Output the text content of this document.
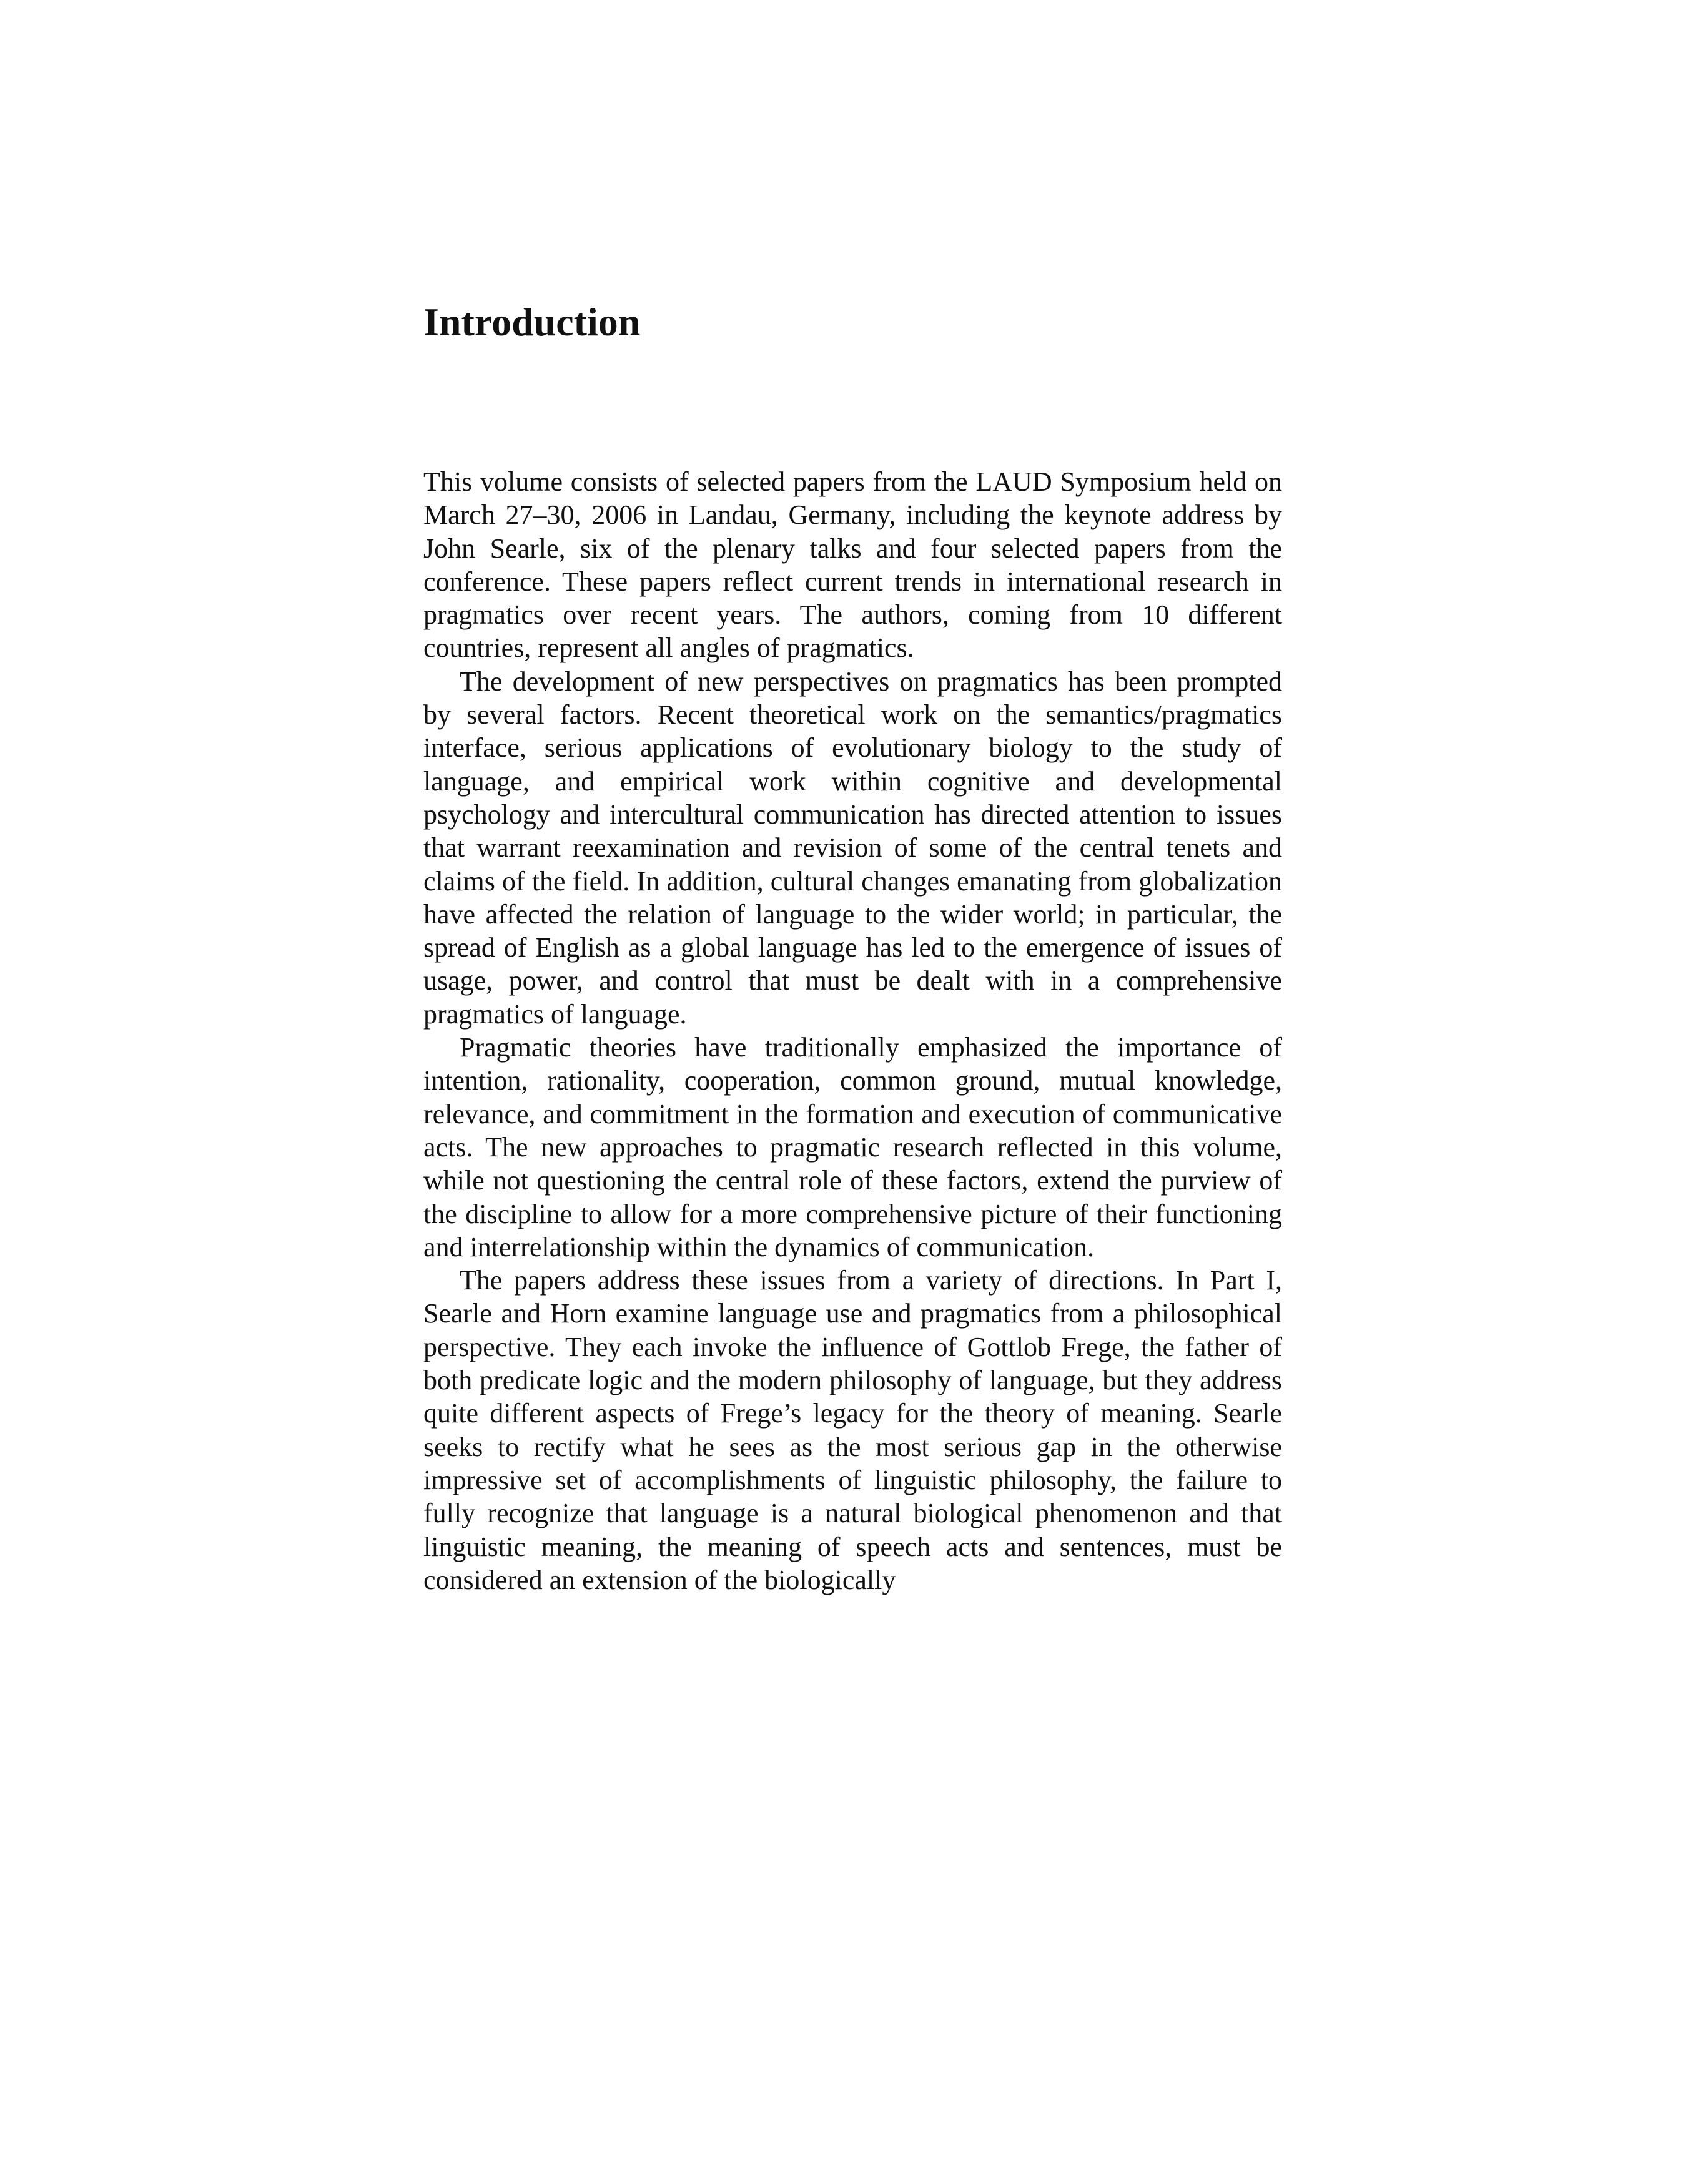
Introduction

This volume consists of selected papers from the LAUD Symposium held on March 27–30, 2006 in Landau, Germany, including the keynote address by John Searle, six of the plenary talks and four selected papers from the conference. These papers reflect current trends in international research in pragmatics over recent years. The authors, coming from 10 different countries, represent all angles of pragmatics.

The development of new perspectives on pragmatics has been prompted by several factors. Recent theoretical work on the semantics/pragmatics interface, serious applications of evolutionary biology to the study of language, and empirical work within cognitive and developmental psychology and intercultural communication has directed attention to issues that warrant reexamination and revision of some of the central tenets and claims of the field. In addition, cultural changes emanating from globalization have affected the relation of language to the wider world; in particular, the spread of English as a global language has led to the emergence of issues of usage, power, and control that must be dealt with in a comprehensive pragmatics of language.

Pragmatic theories have traditionally emphasized the importance of intention, rationality, cooperation, common ground, mutual knowledge, relevance, and commitment in the formation and execution of communicative acts. The new approaches to pragmatic research reflected in this volume, while not questioning the central role of these factors, extend the purview of the discipline to allow for a more comprehensive picture of their functioning and interrelationship within the dynamics of communication.

The papers address these issues from a variety of directions. In Part I, Searle and Horn examine language use and pragmatics from a philosophical perspective. They each invoke the influence of Gottlob Frege, the father of both predicate logic and the modern philosophy of language, but they address quite different aspects of Frege’s legacy for the theory of meaning. Searle seeks to rectify what he sees as the most serious gap in the otherwise impressive set of accomplishments of linguistic philosophy, the failure to fully recognize that language is a natural biological phenomenon and that linguistic meaning, the meaning of speech acts and sentences, must be considered an extension of the biologically
